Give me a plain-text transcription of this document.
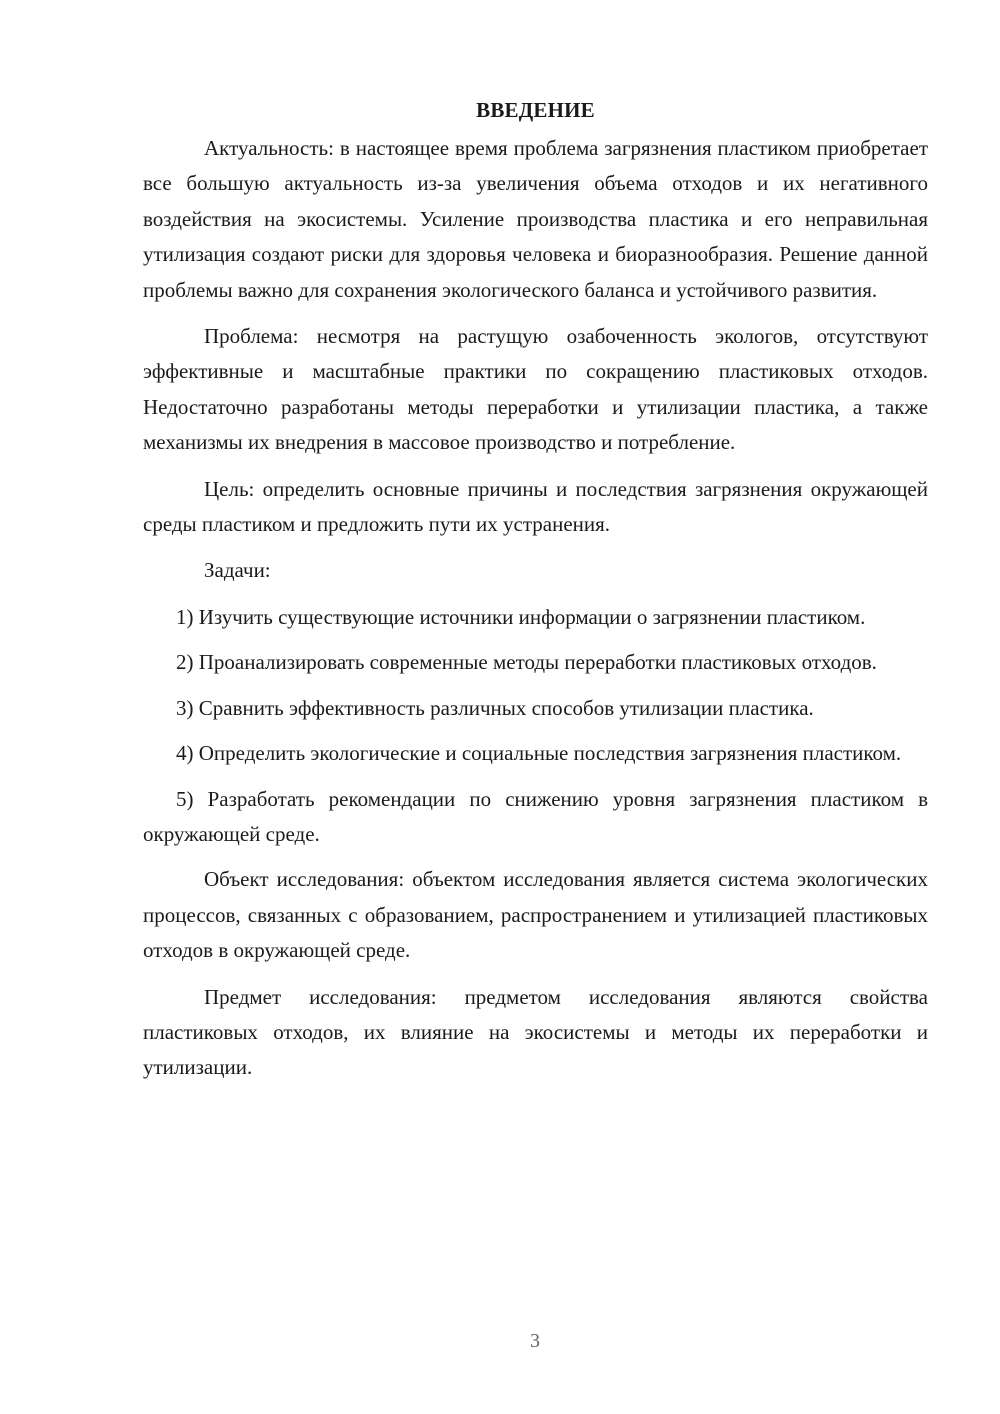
ВВЕДЕНИЕ

Актуальность: в настоящее время проблема загрязнения пластиком приобретает все большую актуальность из-за увеличения объема отходов и их негативного воздействия на экосистемы. Усиление производства пластика и его неправильная утилизация создают риски для здоровья человека и биоразнообразия. Решение данной проблемы важно для сохранения экологического баланса и устойчивого развития.

Проблема: несмотря на растущую озабоченность экологов, отсутствуют эффективные и масштабные практики по сокращению пластиковых отходов. Недостаточно разработаны методы переработки и утилизации пластика, а также механизмы их внедрения в массовое производство и потребление.

Цель: определить основные причины и последствия загрязнения окружающей среды пластиком и предложить пути их устранения.

Задачи:

1) Изучить существующие источники информации о загрязнении пластиком.

2) Проанализировать современные методы переработки пластиковых отходов.

3) Сравнить эффективность различных способов утилизации пластика.

4) Определить экологические и социальные последствия загрязнения пластиком.

5) Разработать рекомендации по снижению уровня загрязнения пластиком в окружающей среде.

Объект исследования: объектом исследования является система экологических процессов, связанных с образованием, распространением и утилизацией пластиковых отходов в окружающей среде.

Предмет исследования: предметом исследования являются свойства пластиковых отходов, их влияние на экосистемы и методы их переработки и утилизации.

3
